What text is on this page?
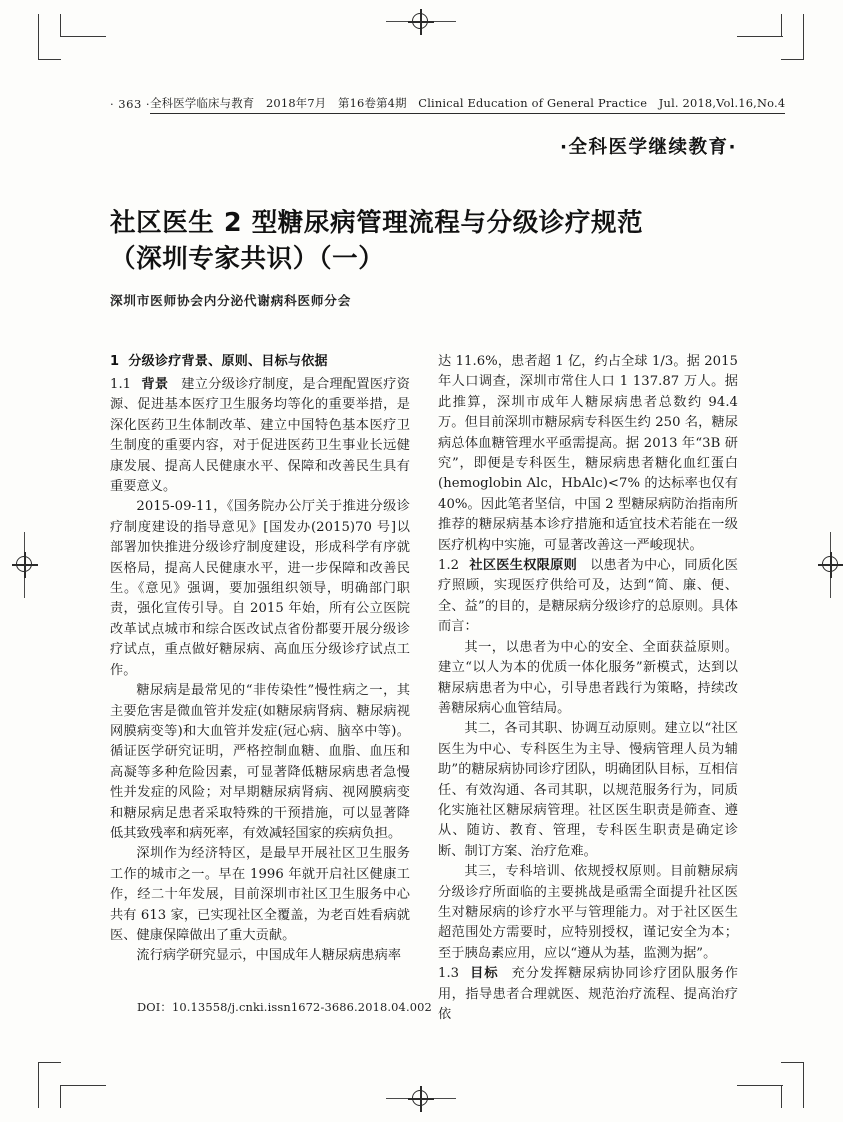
· 363 · 全科医学临床与教育　2018年7月　第16卷第4期　Clinical Education of General Practice　Jul. 2018,Vol.16,No.4
·全科医学继续教育·
社区医生 2 型糖尿病管理流程与分级诊疗规范
（深圳专家共识）（一）
深圳市医师协会内分泌代谢病科医师分会
1 分级诊疗背景、原则、目标与依据

1.1 背景 建立分级诊疗制度，是合理配置医疗资源、促进基本医疗卫生服务均等化的重要举措，是深化医药卫生体制改革、建立中国特色基本医疗卫生制度的重要内容，对于促进医药卫生事业长远健康发展、提高人民健康水平、保障和改善民生具有重要意义。

2015-09-11，《国务院办公厅关于推进分级诊疗制度建设的指导意见》[国发办(2015)70 号]以部署加快推进分级诊疗制度建设，形成科学有序就医格局，提高人民健康水平，进一步保障和改善民生。《意见》强调，要加强组织领导，明确部门职责，强化宣传引导。自 2015 年始，所有公立医院改革试点城市和综合医改试点省份都要开展分级诊疗试点，重点做好糖尿病、高血压分级诊疗试点工作。

糖尿病是最常见的“非传染性”慢性病之一，其主要危害是微血管并发症(如糖尿病肾病、糖尿病视网膜病变等)和大血管并发症(冠心病、脑卒中等)。循证医学研究证明，严格控制血糖、血脂、血压和高凝等多种危险因素，可显著降低糖尿病患者急慢性并发症的风险；对早期糖尿病肾病、视网膜病变和糖尿病足患者采取特殊的干预措施，可以显著降低其致残率和病死率，有效减轻国家的疾病负担。

深圳作为经济特区，是最早开展社区卫生服务工作的城市之一。早在 1996 年就开启社区健康工作，经二十年发展，目前深圳市社区卫生服务中心共有 613 家，已实现社区全覆盖，为老百姓看病就医、健康保障做出了重大贡献。

流行病学研究显示，中国成年人糖尿病患病率

达 11.6%，患者超 1 亿，约占全球 1/3。据 2015 年人口调查，深圳市常住人口 1 137.87 万人。据此推算，深圳市成年人糖尿病患者总数约 94.4 万。但目前深圳市糖尿病专科医生约 250 名，糖尿病总体血糖管理水平亟需提高。据 2013 年“3B 研究”，即便是专科医生，糖尿病患者糖化血红蛋白(hemoglobin Alc，HbAlc)<7% 的达标率也仅有 40%。因此笔者坚信，中国 2 型糖尿病防治指南所推荐的糖尿病基本诊疗措施和适宜技术若能在一级医疗机构中实施，可显著改善这一严峻现状。

1.2 社区医生权限原则 以患者为中心，同质化医疗照顾，实现医疗供给可及，达到“简、廉、便、全、益”的目的，是糖尿病分级诊疗的总原则。具体而言：

其一，以患者为中心的安全、全面获益原则。建立“以人为本的优质一体化服务”新模式，达到以糖尿病患者为中心，引导患者践行为策略，持续改善糖尿病心血管结局。

其二，各司其职、协调互动原则。建立以“社区医生为中心、专科医生为主导、慢病管理人员为辅助”的糖尿病协同诊疗团队，明确团队目标，互相信任、有效沟通、各司其职，以规范服务行为，同质化实施社区糖尿病管理。社区医生职责是筛查、遵从、随访、教育、管理，专科医生职责是确定诊断、制订方案、治疗危难。

其三，专科培训、依规授权原则。目前糖尿病分级诊疗所面临的主要挑战是亟需全面提升社区医生对糖尿病的诊疗水平与管理能力。对于社区医生超范围处方需要时，应特别授权，谨记安全为本；至于胰岛素应用，应以“遵从为基，监测为据”。

1.3 目标 充分发挥糖尿病协同诊疗团队服务作用，指导患者合理就医、规范治疗流程、提高治疗依

DOI：10.13558/j.cnki.issn1672-3686.2018.04.002
